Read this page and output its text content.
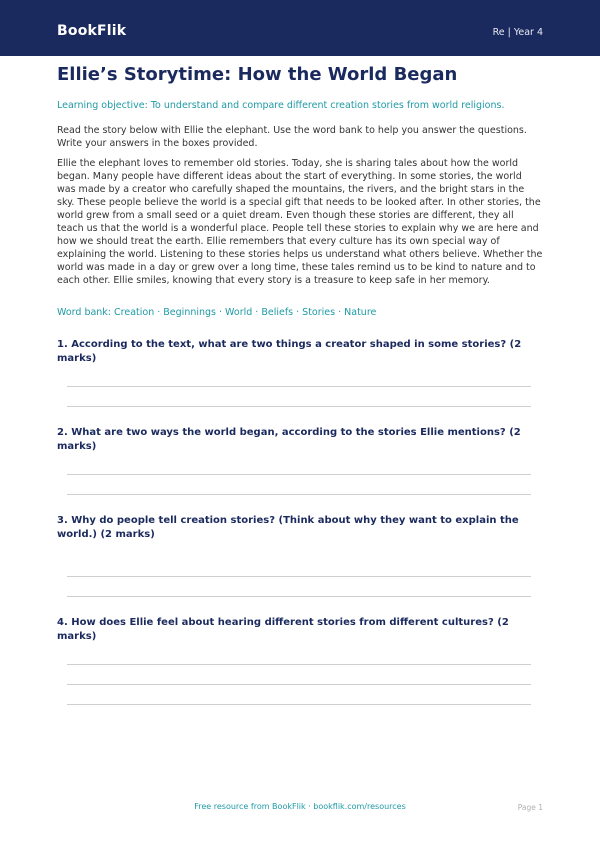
BookFlik	Re | Year 4
Ellie’s Storytime: How the World Began
Learning objective: To understand and compare different creation stories from world religions.
Read the story below with Ellie the elephant. Use the word bank to help you answer the questions. Write your answers in the boxes provided.
Ellie the elephant loves to remember old stories. Today, she is sharing tales about how the world began. Many people have different ideas about the start of everything. In some stories, the world was made by a creator who carefully shaped the mountains, the rivers, and the bright stars in the sky. These people believe the world is a special gift that needs to be looked after. In other stories, the world grew from a small seed or a quiet dream. Even though these stories are different, they all teach us that the world is a wonderful place. People tell these stories to explain why we are here and how we should treat the earth. Ellie remembers that every culture has its own special way of explaining the world. Listening to these stories helps us understand what others believe. Whether the world was made in a day or grew over a long time, these tales remind us to be kind to nature and to each other. Ellie smiles, knowing that every story is a treasure to keep safe in her memory.
Word bank: Creation · Beginnings · World · Beliefs · Stories · Nature
1. According to the text, what are two things a creator shaped in some stories? (2 marks)
2. What are two ways the world began, according to the stories Ellie mentions? (2 marks)
3. Why do people tell creation stories? (Think about why they want to explain the world.) (2 marks)
4. How does Ellie feel about hearing different stories from different cultures? (2 marks)
Free resource from BookFlik · bookflik.com/resources	Page 1
